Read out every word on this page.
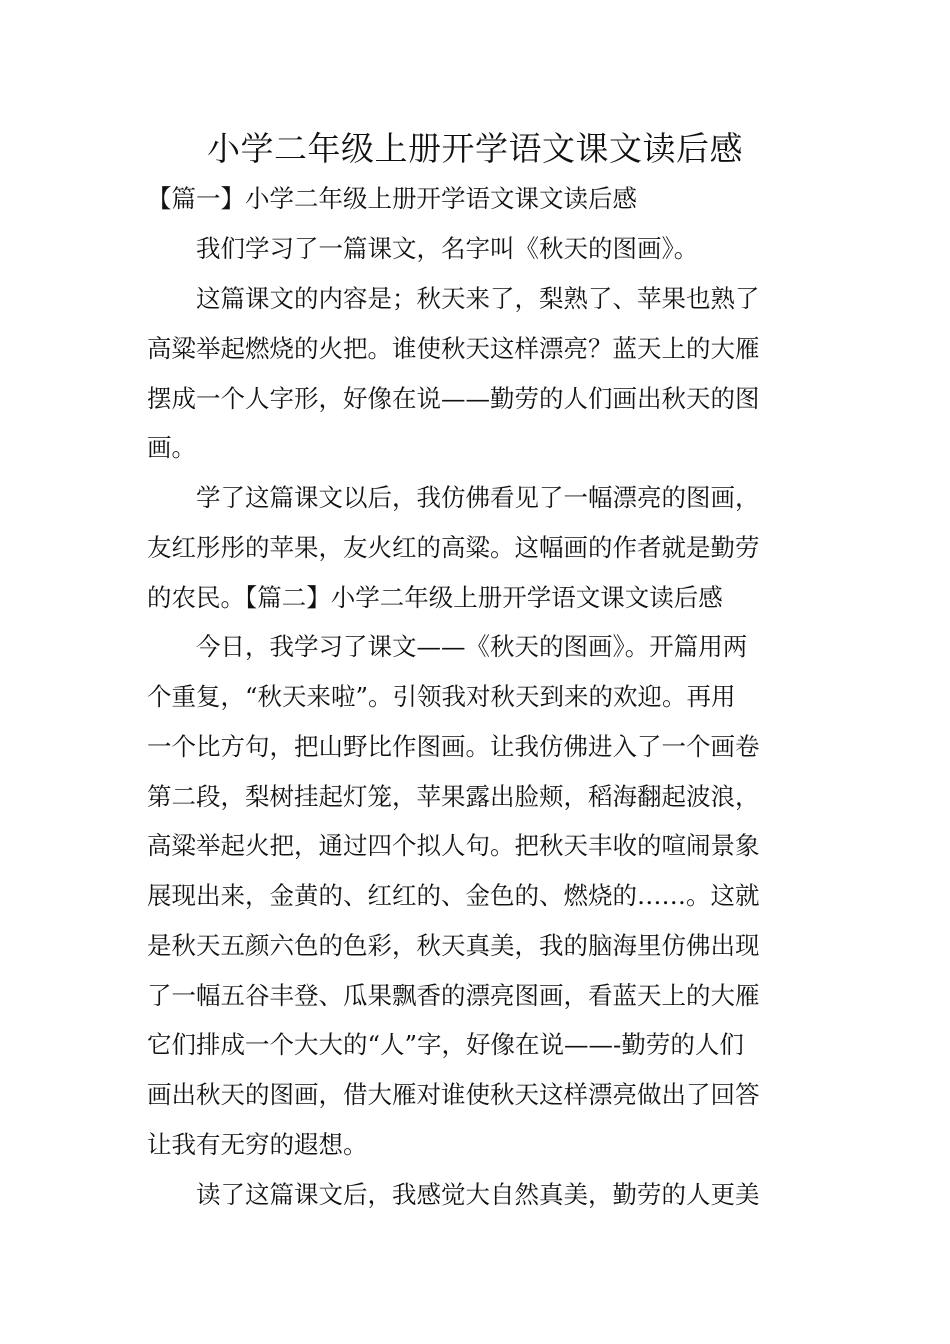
小学二年级上册开学语文课文读后感

【篇一】小学二年级上册开学语文课文读后感

我们学习了一篇课文，名字叫《秋天的图画》。

这篇课文的内容是；秋天来了，梨熟了、苹果也熟了

高粱举起燃烧的火把。谁使秋天这样漂亮？蓝天上的大雁

摆成一个人字形，好像在说——勤劳的人们画出秋天的图

画。

学了这篇课文以后，我仿佛看见了一幅漂亮的图画，

友红彤彤的苹果，友火红的高粱。这幅画的作者就是勤劳

的农民。【篇二】小学二年级上册开学语文课文读后感

今日，我学习了课文——《秋天的图画》。开篇用两

个重复，“秋天来啦”。引领我对秋天到来的欢迎。再用

一个比方句，把山野比作图画。让我仿佛进入了一个画卷

第二段，梨树挂起灯笼，苹果露出脸颊，稻海翻起波浪，

高粱举起火把，通过四个拟人句。把秋天丰收的喧闹景象

展现出来，金黄的、红红的、金色的、燃烧的……。这就

是秋天五颜六色的色彩，秋天真美，我的脑海里仿佛出现

了一幅五谷丰登、瓜果飘香的漂亮图画，看蓝天上的大雁

它们排成一个大大的“人”字，好像在说——-勤劳的人们

画出秋天的图画，借大雁对谁使秋天这样漂亮做出了回答

让我有无穷的遐想。

读了这篇课文后，我感觉大自然真美，勤劳的人更美
